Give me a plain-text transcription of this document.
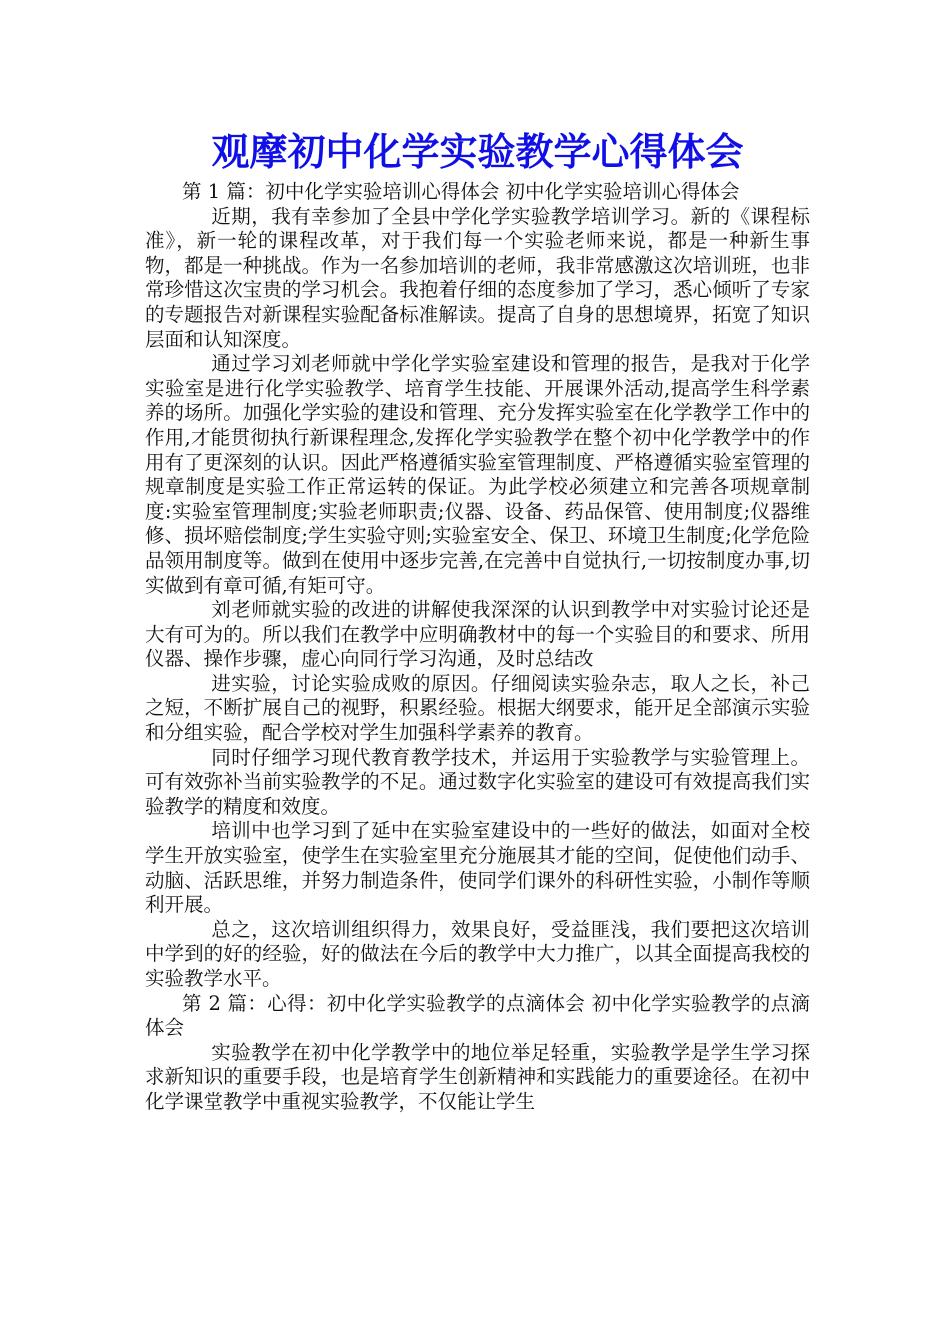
观摩初中化学实验教学心得体会

第 1 篇：初中化学实验培训心得体会 初中化学实验培训心得体会

近期，我有幸参加了全县中学化学实验教学培训学习。新的《课程标准》，新一轮的课程改革，对于我们每一个实验老师来说，都是一种新生事物，都是一种挑战。作为一名参加培训的老师，我非常感激这次培训班，也非常珍惜这次宝贵的学习机会。我抱着仔细的态度参加了学习，悉心倾听了专家的专题报告对新课程实验配备标准解读。提高了自身的思想境界，拓宽了知识层面和认知深度。

通过学习刘老师就中学化学实验室建设和管理的报告，是我对于化学实验室是进行化学实验教学、培育学生技能、开展课外活动,提高学生科学素养的场所。加强化学实验的建设和管理、充分发挥实验室在化学教学工作中的作用,才能贯彻执行新课程理念,发挥化学实验教学在整个初中化学教学中的作用有了更深刻的认识。因此严格遵循实验室管理制度、严格遵循实验室管理的规章制度是实验工作正常运转的保证。为此学校必须建立和完善各项规章制度:实验室管理制度;实验老师职责;仪器、设备、药品保管、使用制度;仪器维修、损坏赔偿制度;学生实验守则;实验室安全、保卫、环境卫生制度;化学危险品领用制度等。做到在使用中逐步完善,在完善中自觉执行,一切按制度办事,切实做到有章可循,有矩可守。

刘老师就实验的改进的讲解使我深深的认识到教学中对实验讨论还是大有可为的。所以我们在教学中应明确教材中的每一个实验目的和要求、所用仪器、操作步骤，虚心向同行学习沟通，及时总结改

进实验，讨论实验成败的原因。仔细阅读实验杂志，取人之长，补己之短，不断扩展自己的视野，积累经验。根据大纲要求，能开足全部演示实验和分组实验，配合学校对学生加强科学素养的教育。

同时仔细学习现代教育教学技术，并运用于实验教学与实验管理上。可有效弥补当前实验教学的不足。通过数字化实验室的建设可有效提高我们实验教学的精度和效度。

培训中也学习到了延中在实验室建设中的一些好的做法，如面对全校学生开放实验室，使学生在实验室里充分施展其才能的空间，促使他们动手、动脑、活跃思维，并努力制造条件，使同学们课外的科研性实验，小制作等顺利开展。

总之，这次培训组织得力，效果良好，受益匪浅，我们要把这次培训中学到的好的经验，好的做法在今后的教学中大力推广，以其全面提高我校的实验教学水平。

第 2 篇：心得：初中化学实验教学的点滴体会 初中化学实验教学的点滴体会

实验教学在初中化学教学中的地位举足轻重，实验教学是学生学习探求新知识的重要手段，也是培育学生创新精神和实践能力的重要途径。在初中化学课堂教学中重视实验教学，不仅能让学生
